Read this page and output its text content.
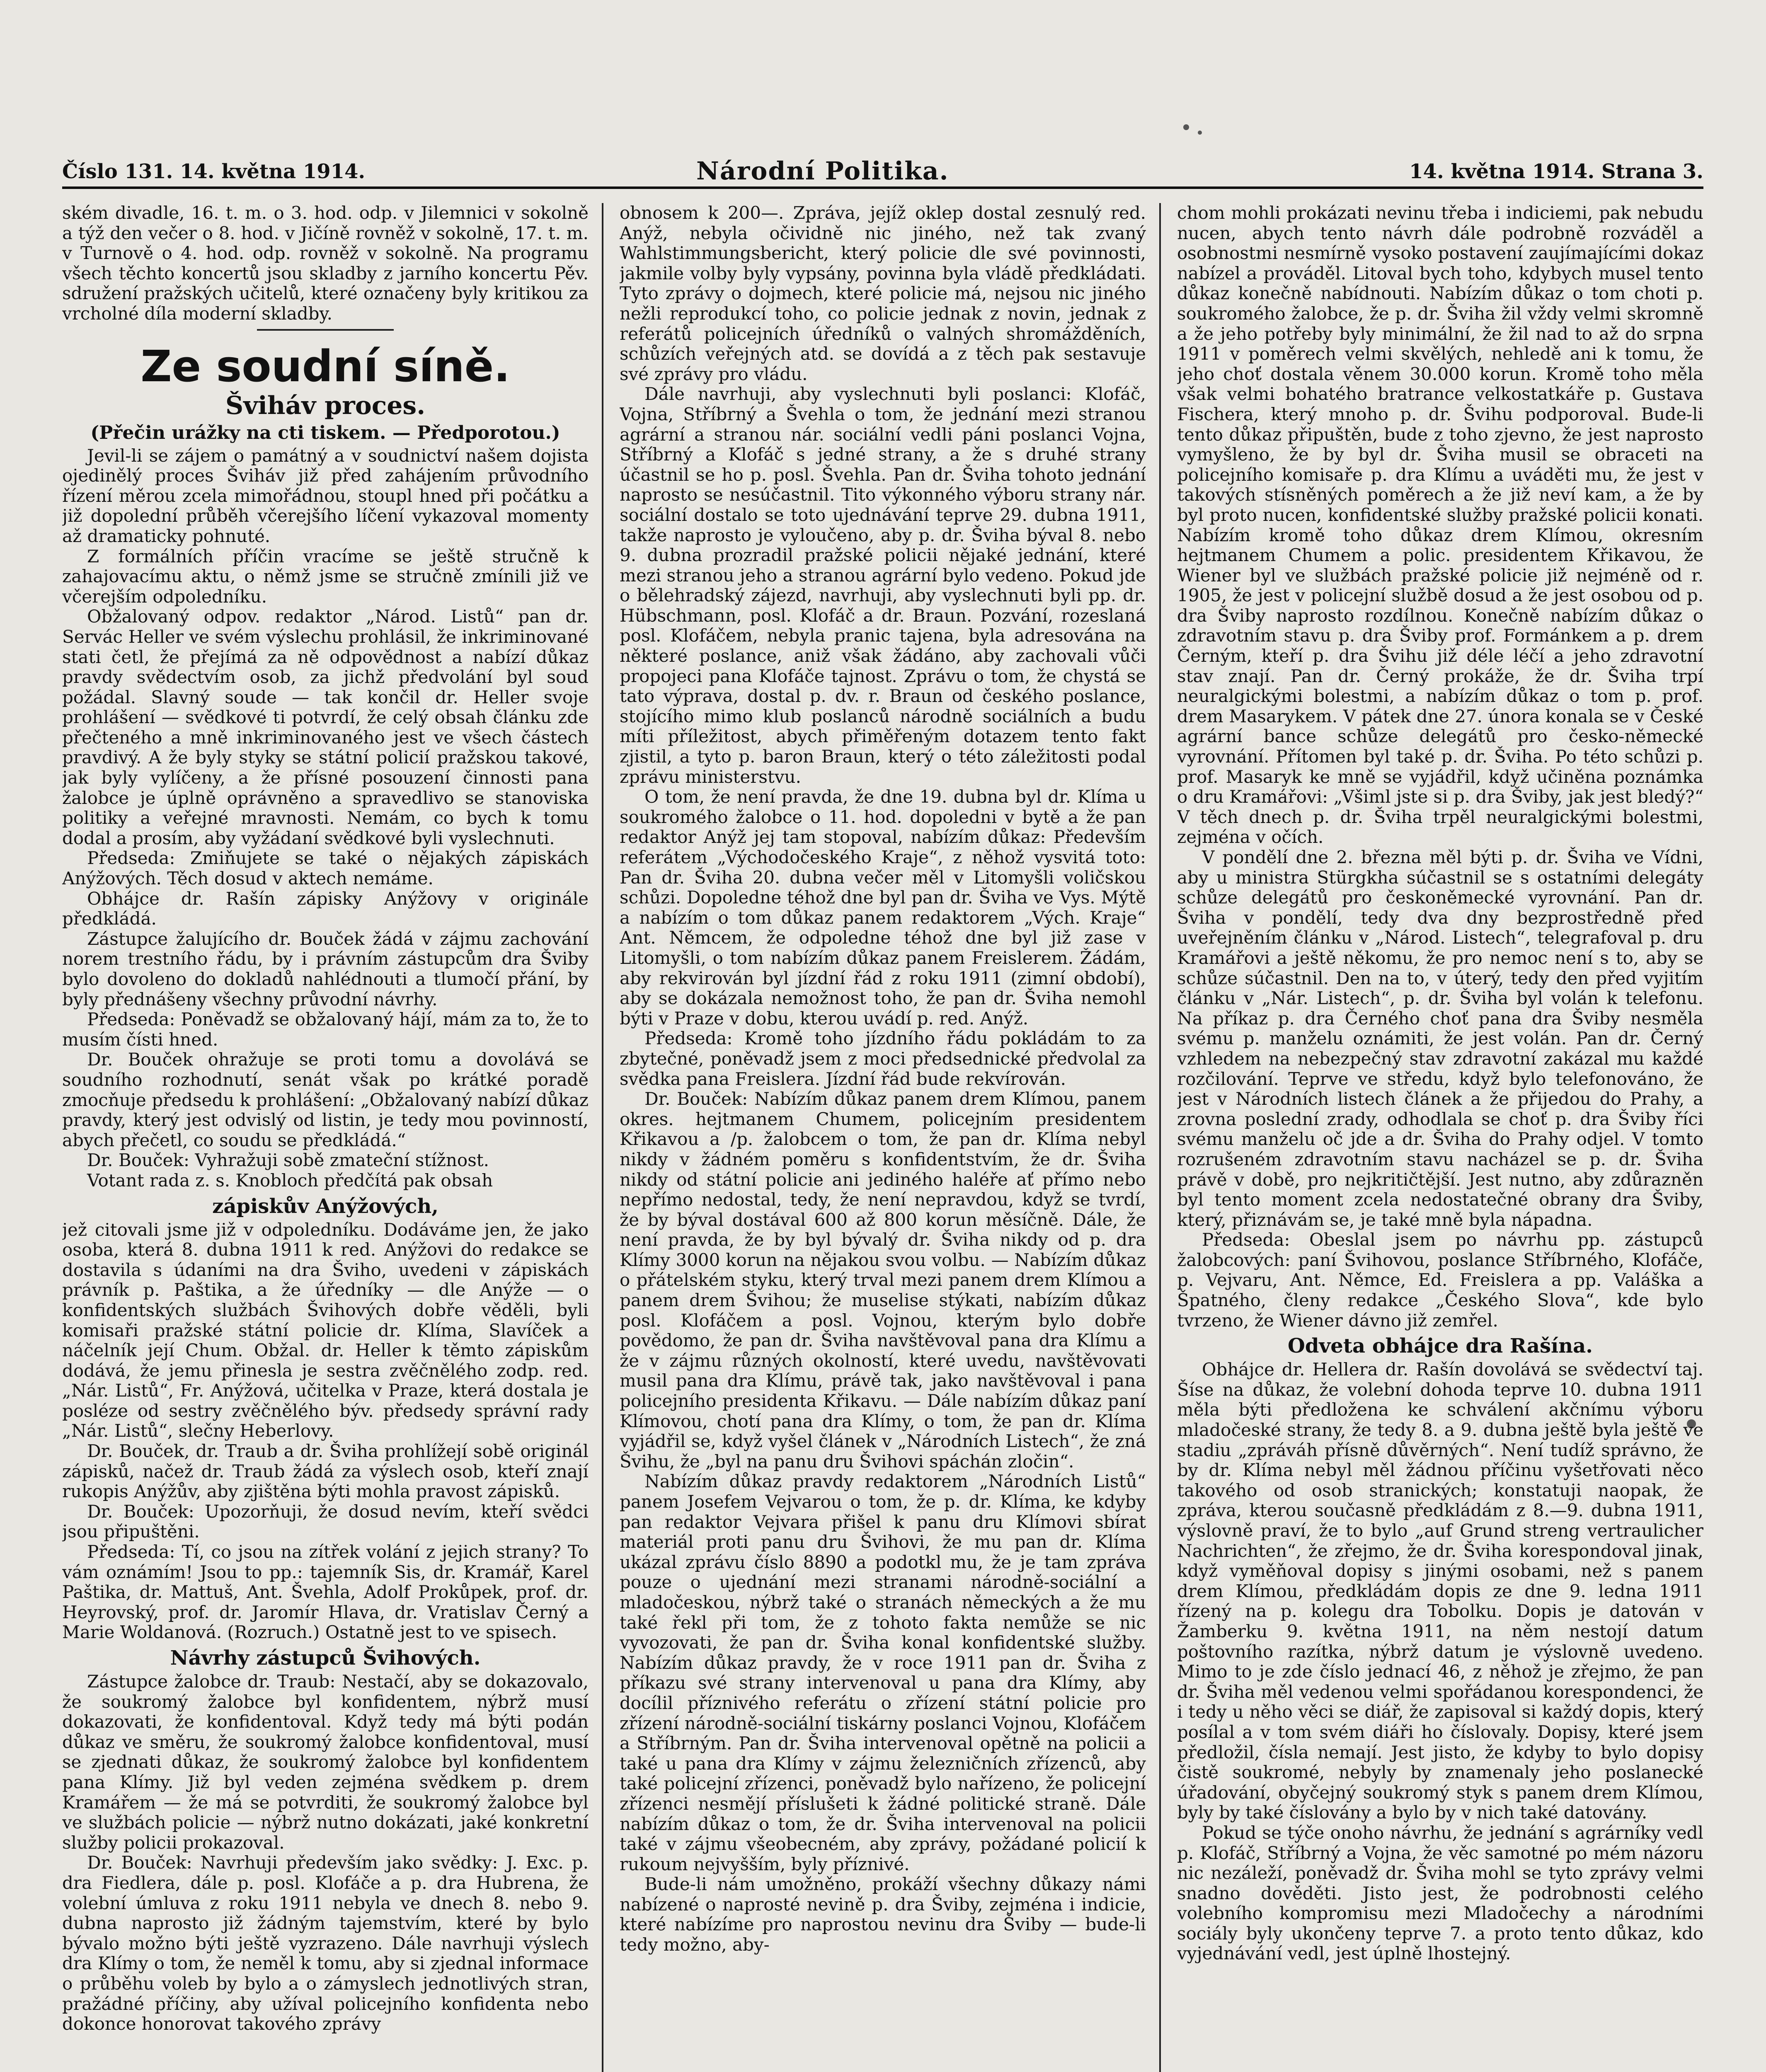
Číslo 131. 14. května 1914.	Národní Politika.	14. května 1914. Strana 3.

ském divadle, 16. t. m. o 3. hod. odp. v Jilemnici v sokolně a týž den večer o 8. hod. v Jičíně rovněž v sokolně, 17. t. m. v Turnově o 4. hod. odp. rovněž v sokolně. Na programu všech těchto koncertů jsou skladby z jarního koncertu Pěv. sdružení pražských učitelů, které označeny byly kritikou za vrcholné díla moderní skladby.

Ze soudní síně.
Šviháv proces.
(Přečin urážky na cti tiskem. — Předporotou.)

Jevil-li se zájem o památný a v soudnictví našem dojista ojedinělý proces Šviháv již před zahájením průvodního řízení měrou zcela mimořádnou, stoupl hned při počátku a již dopolední průběh včerejšího líčení vykazoval momenty až dramaticky pohnuté.

Z formálních příčin vracíme se ještě stručně k zahajovacímu aktu, o němž jsme se stručně zmínili již ve včerejším odpoledníku.

Obžalovaný odpov. redaktor „Národ. Listů“ pan dr. Servác Heller ve svém výslechu prohlásil, že inkriminované stati četl, že přejímá za ně odpovědnost a nabízí důkaz pravdy svědectvím osob, za jichž předvolání byl soud požádal. Slavný soude — tak končil dr. Heller svoje prohlášení — svědkové ti potvrdí, že celý obsah článku zde přečteného a mně inkriminovaného jest ve všech částech pravdivý. A že byly styky se státní policií pražskou takové, jak byly vylíčeny, a že přísné posouzení činnosti pana žalobce je úplně oprávněno a spravedlivo se stanoviska politiky a veřejné mravnosti. Nemám, co bych k tomu dodal a prosím, aby vyžádaní svědkové byli vyslechnuti.

Předseda: Zmiňujete se také o nějakých zápiskách Anýžových. Těch dosud v aktech nemáme.

Obhájce dr. Rašín zápisky Anýžovy v originále předkládá.

Zástupce žalujícího dr. Bouček žádá v zájmu zachování norem trestního řádu, by i právním zástupcům dra Šviby bylo dovoleno do dokladů nahlédnouti a tlumočí přání, by byly přednášeny všechny průvodní návrhy.

Předseda: Poněvadž se obžalovaný hájí, mám za to, že to musím čísti hned.

Dr. Bouček ohražuje se proti tomu a dovolává se soudního rozhodnutí, senát však po krátké poradě zmocňuje předsedu k prohlášení: „Obžalovaný nabízí důkaz pravdy, který jest odvislý od listin, je tedy mou povinností, abych přečetl, co soudu se předkládá.“

Dr. Bouček: Vyhražuji sobě zmateční stížnost.

Votant rada z. s. Knobloch předčítá pak obsah

zápiskův Anýžových,

jež citovali jsme již v odpoledníku. Dodáváme jen, že jako osoba, která 8. dubna 1911 k red. Anýžovi do redakce se dostavila s údaními na dra Šviho, uvedeni v zápiskách právník p. Paštika, a že úředníky — dle Anýže — o konfidentských službách Švihových dobře věděli, byli komisaři pražské státní policie dr. Klíma, Slavíček a náčelník její Chum. Obžal. dr. Heller k těmto zápiskům dodává, že jemu přinesla je sestra zvěčnělého zodp. red. „Nár. Listů“, Fr. Anýžová, učitelka v Praze, která dostala je posléze od sestry zvěčnělého býv. předsedy správní rady „Nár. Listů“, slečny Heberlovy.

Dr. Bouček, dr. Traub a dr. Šviha prohlížejí sobě originál zápisků, načež dr. Traub žádá za výslech osob, kteří znají rukopis Anýžův, aby zjištěna býti mohla pravost zápisků.

Dr. Bouček: Upozorňuji, že dosud nevím, kteří svědci jsou připuštěni.

Předseda: Tí, co jsou na zítřek volání z jejich strany? To vám oznámím! Jsou to pp.: tajemník Sis, dr. Kramář, Karel Paštika, dr. Mattuš, Ant. Švehla, Adolf Prokůpek, prof. dr. Heyrovský, prof. dr. Jaromír Hlava, dr. Vratislav Černý a Marie Woldanová. (Rozruch.) Ostatně jest to ve spisech.

Návrhy zástupců Švihových.

Zástupce žalobce dr. Traub: Nestačí, aby se dokazovalo, že soukromý žalobce byl konfidentem, nýbrž musí dokazovati, že konfidentoval. Když tedy má býti podán důkaz ve směru, že soukromý žalobce konfidentoval, musí se zjednati důkaz, že soukromý žalobce byl konfidentem pana Klímy. Již byl veden zejména svědkem p. drem Kramářem — že má se potvrditi, že soukromý žalobce byl ve službách policie — nýbrž nutno dokázati, jaké konkretní služby policii prokazoval.

Dr. Bouček: Navrhuji především jako svědky: J. Exc. p. dra Fiedlera, dále p. posl. Klofáče a p. dra Hubrena, že volební úmluva z roku 1911 nebyla ve dnech 8. nebo 9. dubna naprosto již žádným tajemstvím, které by bylo bývalo možno býti ještě vyzrazeno. Dále navrhuji výslech dra Klímy o tom, že neměl k tomu, aby si zjednal informace o průběhu voleb by bylo a o zámyslech jednotlivých stran, pražádné příčiny, aby užíval policejního konfidenta nebo dokonce honorovat takového zprávy

obnosem k 200—. Zpráva, jejíž oklep dostal zesnulý red. Anýž, nebyla očividně nic jiného, než tak zvaný Wahlstimmungsbericht, který policie dle své povinnosti, jakmile volby byly vypsány, povinna byla vládě předkládati. Tyto zprávy o dojmech, které policie má, nejsou nic jiného nežli reprodukcí toho, co policie jednak z novin, jednak z referátů policejních úředníků o valných shromážděních, schůzích veřejných atd. se dovídá a z těch pak sestavuje své zprávy pro vládu.

Dále navrhuji, aby vyslechnuti byli poslanci: Klofáč, Vojna, Stříbrný a Švehla o tom, že jednání mezi stranou agrární a stranou nár. sociální vedli páni poslanci Vojna, Stříbrný a Klofáč s jedné strany, a že s druhé strany účastnil se ho p. posl. Švehla. Pan dr. Šviha tohoto jednání naprosto se nesúčastnil. Tito výkonného výboru strany nár. sociální dostalo se toto ujednávání teprve 29. dubna 1911, takže naprosto je vyloučeno, aby p. dr. Šviha býval 8. nebo 9. dubna prozradil pražské policii nějaké jednání, které mezi stranou jeho a stranou agrární bylo vedeno. Pokud jde o bělehradský zájezd, navrhuji, aby vyslechnuti byli pp. dr. Hübschmann, posl. Klofáč a dr. Braun. Pozvání, rozeslaná posl. Klofáčem, nebyla pranic tajena, byla adresována na některé poslance, aniž však žádáno, aby zachovali vůči propojeci pana Klofáče tajnost. Zprávu o tom, že chystá se tato výprava, dostal p. dv. r. Braun od českého poslance, stojícího mimo klub poslanců národně sociálních a budu míti příležitost, abych přiměřeným dotazem tento fakt zjistil, a tyto p. baron Braun, který o této záležitosti podal zprávu ministerstvu.

O tom, že není pravda, že dne 19. dubna byl dr. Klíma u soukromého žalobce o 11. hod. dopoledni v bytě a že pan redaktor Anýž jej tam stopoval, nabízím důkaz: Především referátem „Východočeského Kraje“, z něhož vysvitá toto: Pan dr. Šviha 20. dubna večer měl v Litomyšli voličskou schůzi. Dopoledne téhož dne byl pan dr. Šviha ve Vys. Mýtě a nabízím o tom důkaz panem redaktorem „Vých. Kraje“ Ant. Němcem, že odpoledne téhož dne byl již zase v Litomyšli, o tom nabízím důkaz panem Freislerem. Žádám, aby rekvirován byl jízdní řád z roku 1911 (zimní období), aby se dokázala nemožnost toho, že pan dr. Šviha nemohl býti v Praze v dobu, kterou uvádí p. red. Anýž.

Předseda: Kromě toho jízdního řádu pokládám to za zbytečné, poněvadž jsem z moci předsednické předvolal za svědka pana Freislera. Jízdní řád bude rekvírován.

Dr. Bouček: Nabízím důkaz panem drem Klímou, panem okres. hejtmanem Chumem, policejním presidentem Křikavou a /p. žalobcem o tom, že pan dr. Klíma nebyl nikdy v žádném poměru s konfidentstvím, že dr. Šviha nikdy od státní policie ani jediného haléře ať přímo nebo nepřímo nedostal, tedy, že není nepravdou, když se tvrdí, že by býval dostával 600 až 800 korun měsíčně. Dále, že není pravda, že by byl bývalý dr. Šviha nikdy od p. dra Klímy 3000 korun na nějakou svou volbu. — Nabízím důkaz o přátelském styku, který trval mezi panem drem Klímou a panem drem Švihou; že muselise stýkati, nabízím důkaz posl. Klofáčem a posl. Vojnou, kterým bylo dobře povědomo, že pan dr. Šviha navštěvoval pana dra Klímu a že v zájmu různých okolností, které uvedu, navštěvovati musil pana dra Klímu, právě tak, jako navštěvoval i pana policejního presidenta Křikavu. — Dále nabízím důkaz paní Klímovou, chotí pana dra Klímy, o tom, že pan dr. Klíma vyjádřil se, když vyšel článek v „Národních Listech“, že zná Švihu, že „byl na panu dru Švihovi spáchán zločin“.

Nabízím důkaz pravdy redaktorem „Národních Listů“ panem Josefem Vejvarou o tom, že p. dr. Klíma, ke kdyby pan redaktor Vejvara přišel k panu dru Klímovi sbírat materiál proti panu dru Švihovi, že mu pan dr. Klíma ukázal zprávu číslo 8890 a podotkl mu, že je tam zpráva pouze o ujednání mezi stranami národně-sociální a mladočeskou, nýbrž také o stranách německých a že mu také řekl při tom, že z tohoto fakta nemůže se nic vyvozovati, že pan dr. Šviha konal konfidentské služby. Nabízím důkaz pravdy, že v roce 1911 pan dr. Šviha z příkazu své strany intervenoval u pana dra Klímy, aby docílil příznivého referátu o zřízení státní policie pro zřízení národně-sociální tiskárny poslanci Vojnou, Klofáčem a Stříbrným. Pan dr. Šviha intervenoval opětně na policii a také u pana dra Klímy v zájmu železničních zřízenců, aby také policejní zřízenci, poněvadž bylo nařízeno, že policejní zřízenci nesmějí příslušeti k žádné politické straně. Dále nabízím důkaz o tom, že dr. Šviha intervenoval na policii také v zájmu všeobecném, aby zprávy, požádané policií k rukoum nejvyšším, byly příznivé.

Bude-li nám umožněno, prokáží všechny důkazy námi nabízené o naprosté nevině p. dra Šviby, zejména i indicie, které nabízíme pro naprostou nevinu dra Šviby — bude-li tedy možno, aby-

chom mohli prokázati nevinu třeba i indiciemi, pak nebudu nucen, abych tento návrh dále podrobně rozváděl a osobnostmi nesmírně vysoko postavení zaujímajícími dokaz nabízel a prováděl. Litoval bych toho, kdybych musel tento důkaz konečně nabídnouti. Nabízím důkaz o tom choti p. soukromého žalobce, že p. dr. Šviha žil vždy velmi skromně a že jeho potřeby byly minimální, že žil nad to až do srpna 1911 v poměrech velmi skvělých, nehledě ani k tomu, že jeho choť dostala věnem 30.000 korun. Kromě toho měla však velmi bohatého bratrance velkostatkáře p. Gustava Fischera, který mnoho p. dr. Švihu podporoval. Bude-li tento důkaz připuštěn, bude z toho zjevno, že jest naprosto vymyšleno, že by byl dr. Šviha musil se obraceti na policejního komisaře p. dra Klímu a uváděti mu, že jest v takových stísněných poměrech a že již neví kam, a že by byl proto nucen, konfidentské služby pražské policii konati. Nabízím kromě toho důkaz drem Klímou, okresním hejtmanem Chumem a polic. presidentem Křikavou, že Wiener byl ve službách pražské policie již nejméně od r. 1905, že jest v policejní službě dosud a že jest osobou od p. dra Šviby naprosto rozdílnou. Konečně nabízím důkaz o zdravotním stavu p. dra Šviby prof. Formánkem a p. drem Černým, kteří p. dra Švihu již déle léčí a jeho zdravotní stav znají. Pan dr. Černý prokáže, že dr. Šviha trpí neuralgickými bolestmi, a nabízím důkaz o tom p. prof. drem Masarykem. V pátek dne 27. února konala se v České agrární bance schůze delegátů pro česko-německé vyrovnání. Přítomen byl také p. dr. Šviha. Po této schůzi p. prof. Masaryk ke mně se vyjádřil, když učiněna poznámka o dru Kramářovi: „Všiml jste si p. dra Šviby, jak jest bledý?“ V těch dnech p. dr. Šviha trpěl neuralgickými bolestmi, zejména v očích.

V pondělí dne 2. března měl býti p. dr. Šviha ve Vídni, aby u ministra Stürgkha súčastnil se s ostatními delegáty schůze delegátů pro českoněmecké vyrovnání. Pan dr. Šviha v pondělí, tedy dva dny bezprostředně před uveřejněním článku v „Národ. Listech“, telegrafoval p. dru Kramářovi a ještě někomu, že pro nemoc není s to, aby se schůze súčastnil. Den na to, v úterý, tedy den před vyjitím článku v „Nár. Listech“, p. dr. Šviha byl volán k telefonu. Na příkaz p. dra Černého choť pana dra Šviby nesměla svému p. manželu oznámiti, že jest volán. Pan dr. Černý vzhledem na nebezpečný stav zdravotní zakázal mu každé rozčilování. Teprve ve středu, když bylo telefonováno, že jest v Národních listech článek a že přijedou do Prahy, a zrovna poslední zrady, odhodlala se choť p. dra Šviby říci svému manželu oč jde a dr. Šviha do Prahy odjel. V tomto rozrušeném zdravotním stavu nacházel se p. dr. Šviha právě v době, pro nejkritičtější. Jest nutno, aby zdůrazněn byl tento moment zcela nedostatečné obrany dra Šviby, který, přiznávám se, je také mně byla nápadna.

Předseda: Obeslal jsem po návrhu pp. zástupců žalobcových: paní Švihovou, poslance Stříbrného, Klofáče, p. Vejvaru, Ant. Němce, Ed. Freislera a pp. Valáška a Špatného, členy redakce „Českého Slova“, kde bylo tvrzeno, že Wiener dávno již zemřel.

Odveta obhájce dra Rašína.

Obhájce dr. Hellera dr. Rašín dovolává se svědectví taj. Šíse na důkaz, že volební dohoda teprve 10. dubna 1911 měla býti předložena ke schválení akčnímu výboru mladočeské strany, že tedy 8. a 9. dubna ještě byla ještě ve stadiu „zpráváh přísně důvěrných“. Není tudíž správno, že by dr. Klíma nebyl měl žádnou příčinu vyšetřovati něco takového od osob stranických; konstatuji naopak, že zpráva, kterou současně předkládám z 8.—9. dubna 1911, výslovně praví, že to bylo „auf Grund streng vertraulicher Nachrichten“, že zřejmo, že dr. Šviha korespondoval jinak, když vyměňoval dopisy s jinými osobami, než s panem drem Klímou, předkládám dopis ze dne 9. ledna 1911 řízený na p. kolegu dra Tobolku. Dopis je datován v Žamberku 9. května 1911, na něm nestojí datum poštovního razítka, nýbrž datum je výslovně uvedeno. Mimo to je zde číslo jednací 46, z něhož je zřejmo, že pan dr. Šviha měl vedenou velmi spořádanou korespondenci, že i tedy u něho věci se diář, že zapisoval si každý dopis, který posílal a v tom svém diáři ho číslovaly. Dopisy, které jsem předložil, čísla nemají. Jest jisto, že kdyby to bylo dopisy čistě soukromé, nebyly by znamenaly jeho poslanecké úřadování, obyčejný soukromý styk s panem drem Klímou, byly by také číslovány a bylo by v nich také datovány.

Pokud se týče onoho návrhu, že jednání s agrárníky vedl p. Klofáč, Stříbrný a Vojna, že věc samotné po mém názoru nic nezáleží, poněvadž dr. Šviha mohl se tyto zprávy velmi snadno dověděti. Jisto jest, že podrobnosti celého volebního kompromisu mezi Mladočechy a národními sociály byly ukončeny teprve 7. a proto tento důkaz, kdo vyjednávání vedl, jest úplně lhostejný.
